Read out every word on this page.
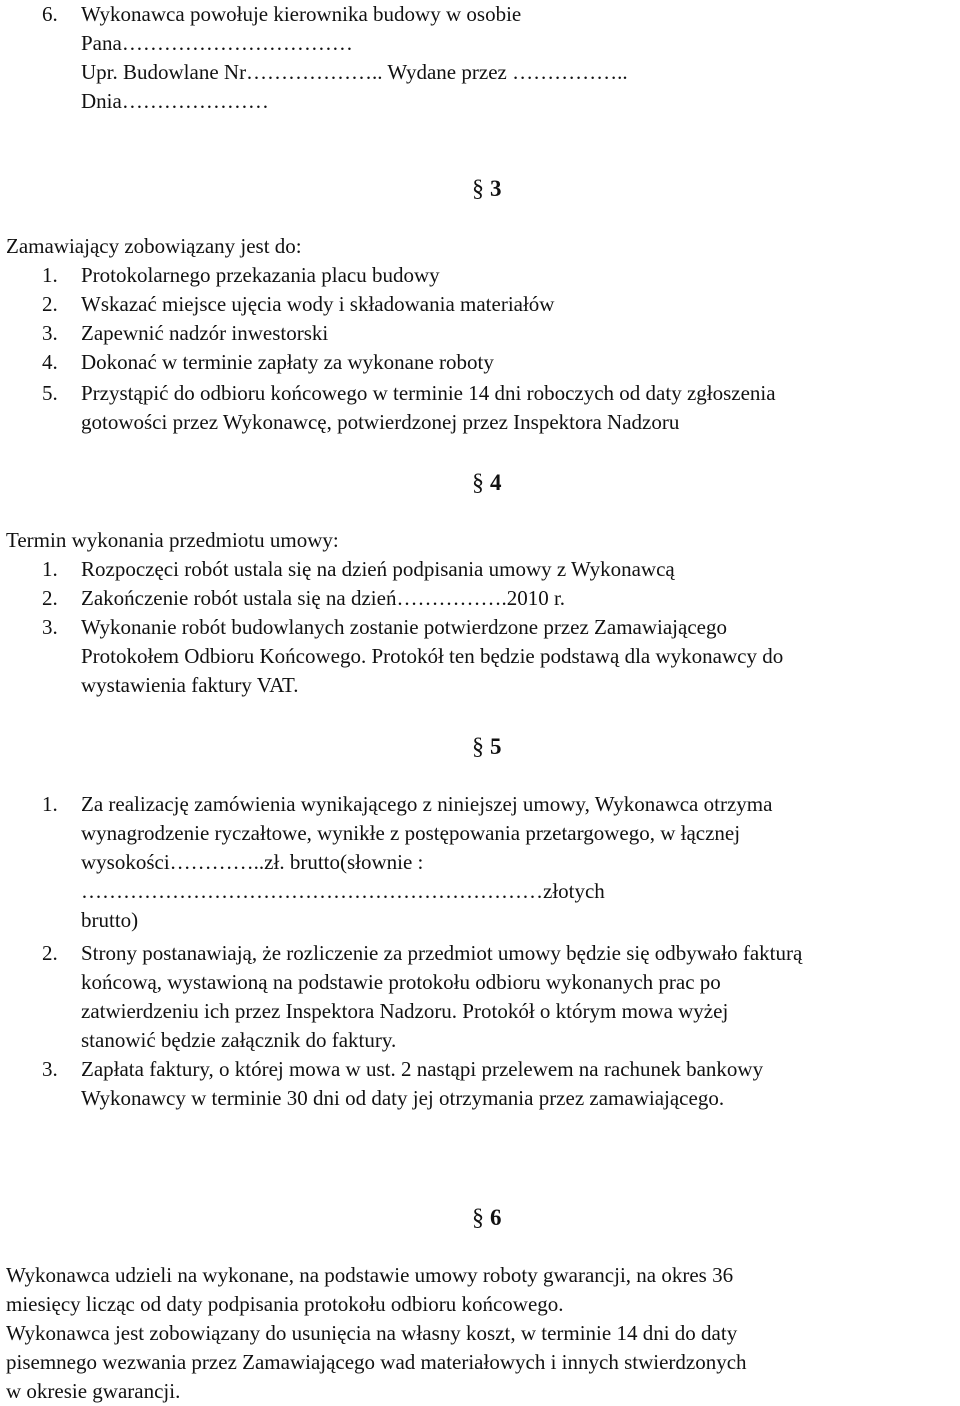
6. Wykonawca powołuje kierownika budowy w osobie
Pana……………………………
Upr. Budowlane Nr……………….. Wydane przez ……………..
Dnia…………………
§ 3
Zamawiający zobowiązany jest do:
1. Protokolarnego przekazania placu budowy
2. Wskazać miejsce ujęcia wody i składowania materiałów
3. Zapewnić nadzór inwestorski
4. Dokonać w terminie zapłaty za wykonane roboty
5. Przystąpić do odbioru końcowego w terminie 14 dni roboczych od daty zgłoszenia
gotowości przez Wykonawcę, potwierdzonej przez Inspektora Nadzoru
§ 4
Termin wykonania przedmiotu umowy:
1. Rozpoczęci robót ustala się na dzień podpisania umowy z Wykonawcą
2. Zakończenie robót ustala się na dzień…………….2010 r.
3. Wykonanie robót budowlanych zostanie potwierdzone przez Zamawiającego
Protokołem Odbioru Końcowego. Protokół ten będzie podstawą dla wykonawcy do
wystawienia faktury VAT.
§ 5
1. Za realizację zamówienia wynikającego z niniejszej umowy, Wykonawca otrzyma
wynagrodzenie ryczałtowe, wynikłe z postępowania przetargowego, w łącznej
wysokości…………..zł. brutto(słownie :
…………………………………………………………złotych
brutto)
2. Strony postanawiają, że rozliczenie za przedmiot umowy będzie się odbywało fakturą
końcową, wystawioną na podstawie protokołu odbioru wykonanych prac po
zatwierdzeniu ich przez Inspektora Nadzoru. Protokół o którym mowa wyżej
stanowić będzie załącznik do faktury.
3. Zapłata faktury, o której mowa w ust. 2 nastąpi przelewem na rachunek bankowy
Wykonawcy w terminie 30 dni od daty jej otrzymania przez zamawiającego.
§ 6
Wykonawca udzieli na wykonane, na podstawie umowy roboty gwarancji, na okres 36
miesięcy licząc od daty podpisania protokołu odbioru końcowego.
Wykonawca jest zobowiązany do usunięcia na własny koszt, w terminie 14 dni do daty
pisemnego wezwania przez Zamawiającego wad materiałowych i innych stwierdzonych
w okresie gwarancji.
